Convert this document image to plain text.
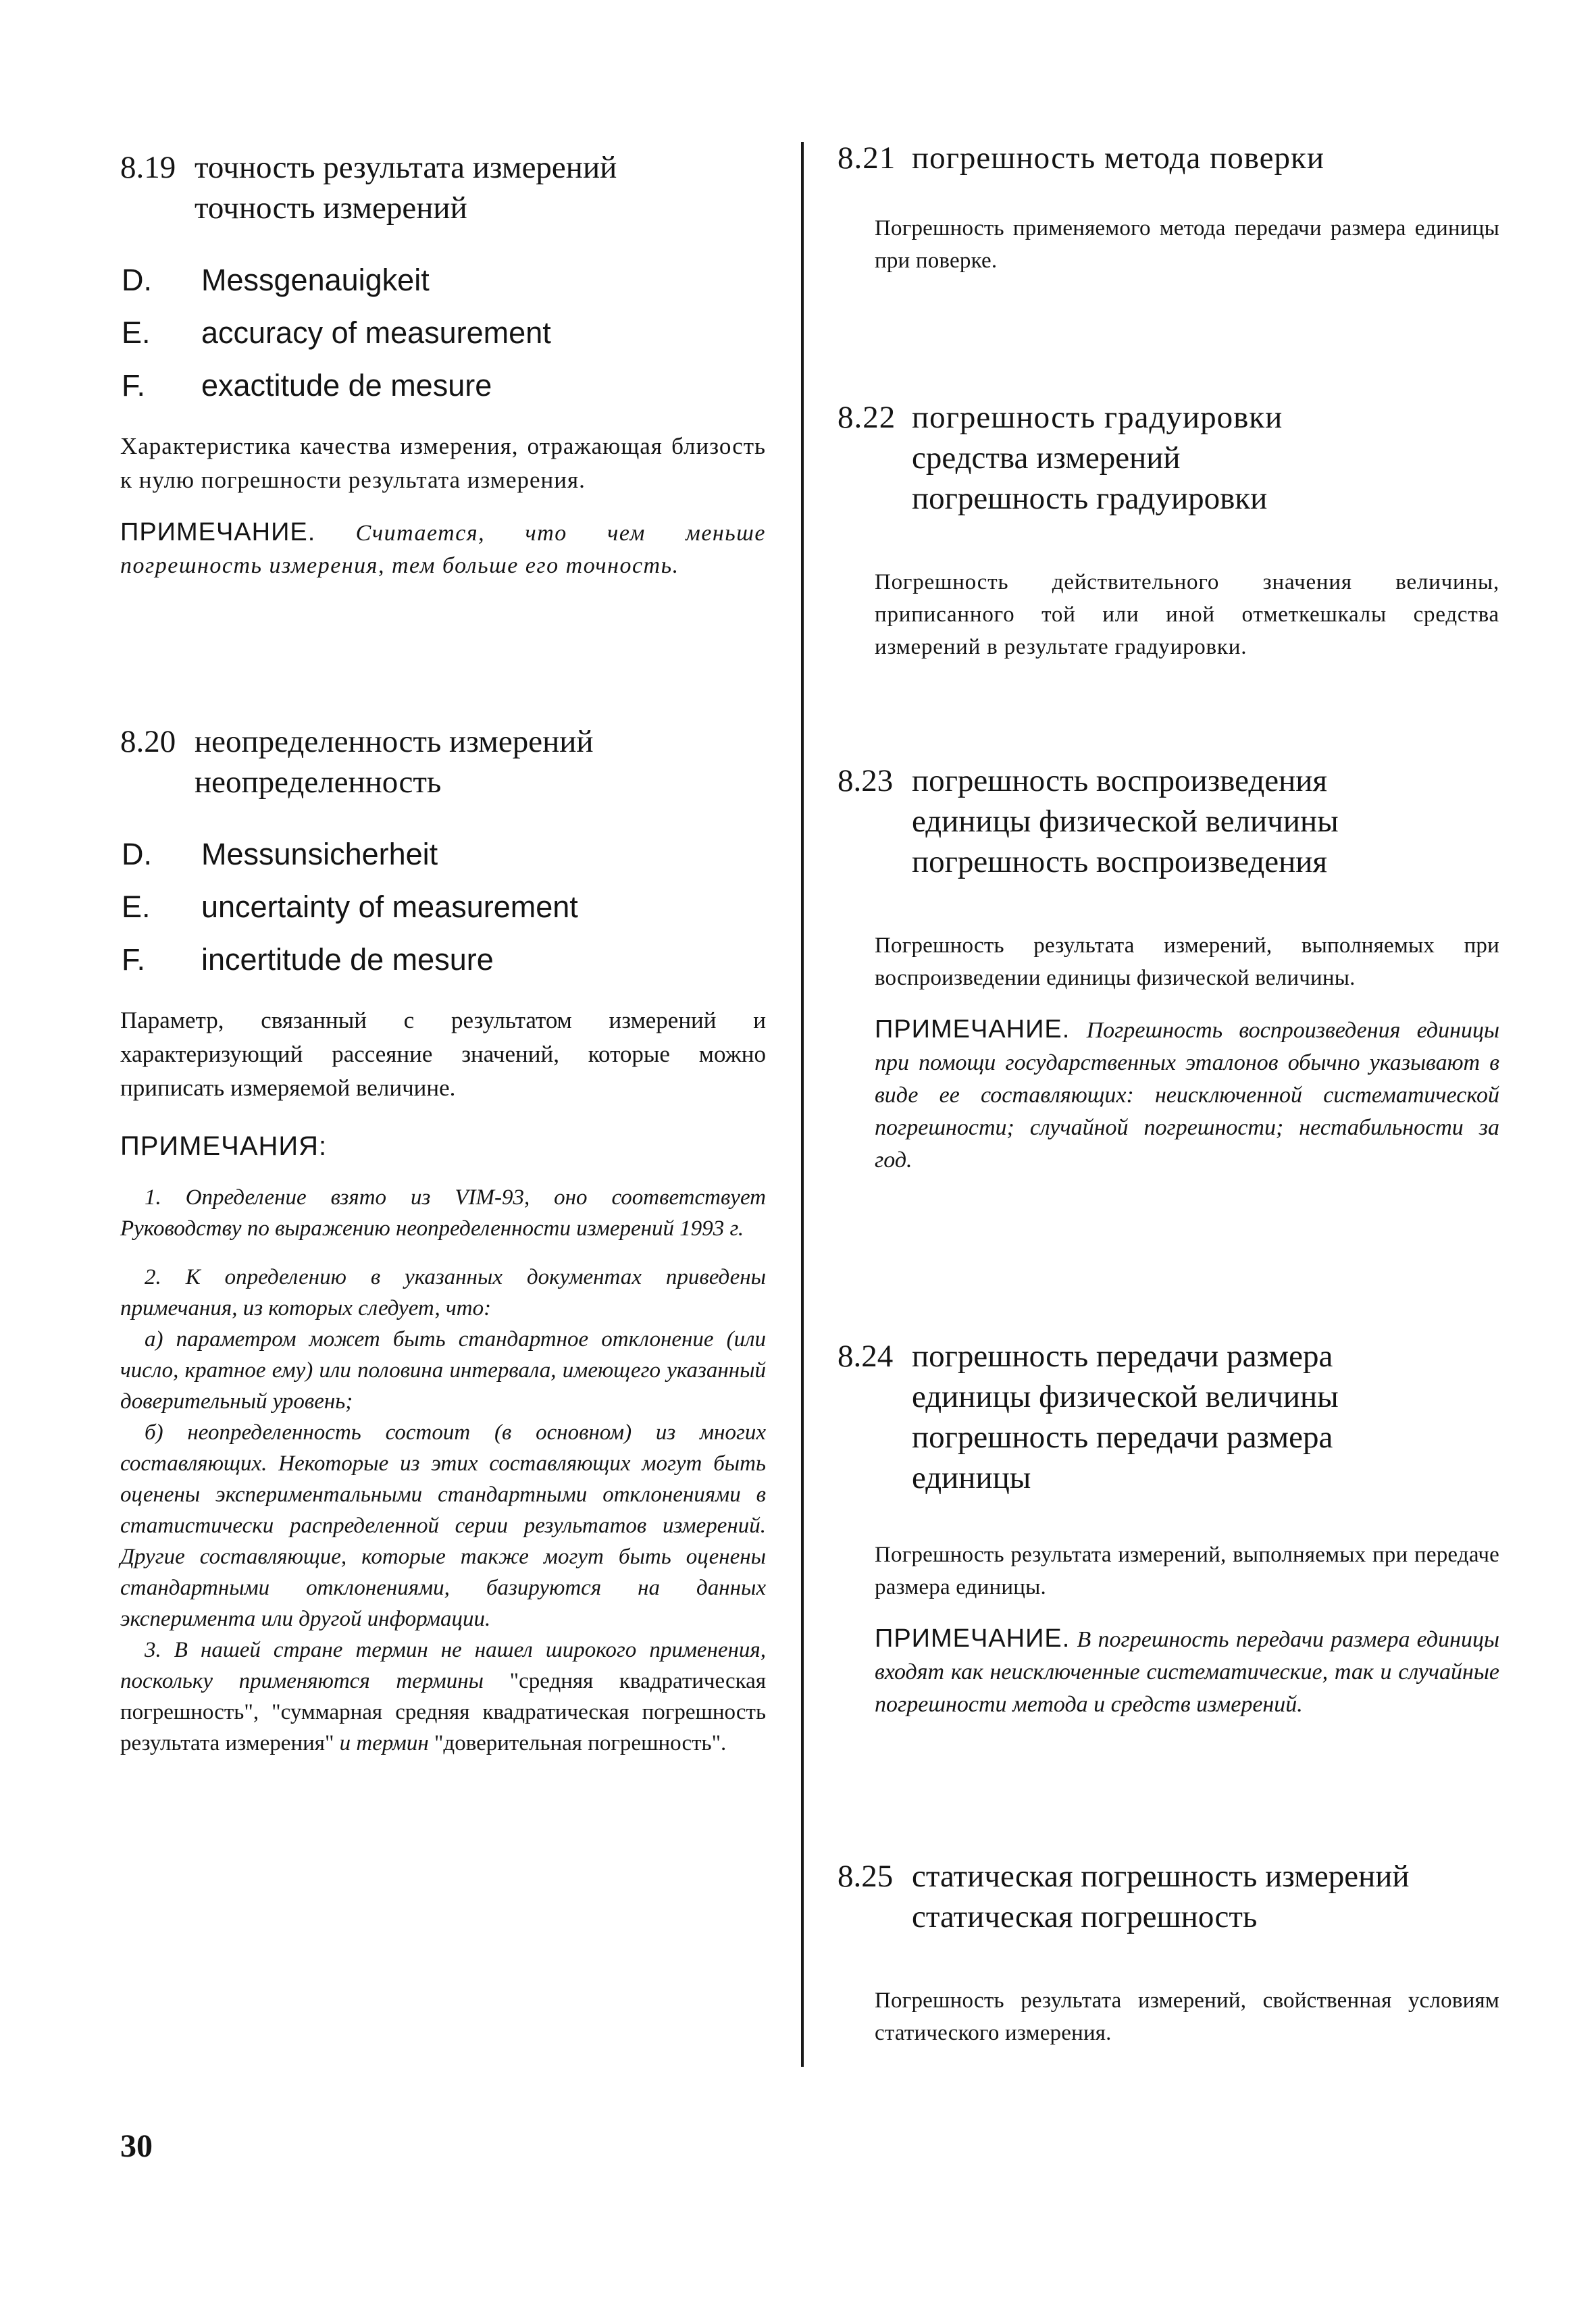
8.19 точность результата измерений
точность измерений
D. Messgenauigkeit
E. accuracy of measurement
F. exactitude de mesure
Характеристика качества измерения, отражающая близость к нулю погрешности результата измерения.
ПРИМЕЧАНИЕ. Считается, что чем меньше погрешность измерения, тем больше его точность.
8.20 неопределенность измерений
неопределенность
D. Messunsicherheit
E. uncertainty of measurement
F. incertitude de mesure
Параметр, связанный с результатом измерений и характеризующий рассеяние значений, которые можно приписать измеряемой величине.
ПРИМЕЧАНИЯ:
1. Определение взято из VIM-93, оно соответствует Руководству по выражению неопределенности измерений 1993 г.
2. К определению в указанных документах приведены примечания, из которых следует, что:
а) параметром может быть стандартное отклонение (или число, кратное ему) или половина интервала, имеющего указанный доверительный уровень;
б) неопределенность состоит (в основном) из многих составляющих. Некоторые из этих составляющих могут быть оценены экспериментальными стандартными отклонениями в статистически распределенной серии результатов измерений. Другие составляющие, которые также могут быть оценены стандартными отклонениями, базируются на данных эксперимента или другой информации.
3. В нашей стране термин не нашел широкого применения, поскольку применяются термины "средняя квадратическая погрешность", "суммарная средняя квадратическая погрешность результата измерения" и термин "доверительная погрешность".
8.21 погрешность метода поверки
Погрешность применяемого метода передачи размера единицы при поверке.
8.22 погрешность градуировки
средства измерений
погрешность градуировки
Погрешность действительного значения величины, приписанного той или иной отметкешкалы средства измерений в результате градуировки.
8.23 погрешность воспроизведения
единицы физической величины
погрешность воспроизведения
Погрешность результата измерений, выполняемых при воспроизведении единицы физической величины.
ПРИМЕЧАНИЕ. Погрешность воспроизведения единицы при помощи государственных эталонов обычно указывают в виде ее составляющих: неисключенной систематической погрешности; случайной погрешности; нестабильности за год.
8.24 погрешность передачи размера
единицы физической величины
погрешность передачи размера
единицы
Погрешность результата измерений, выполняемых при передаче размера единицы.
ПРИМЕЧАНИЕ. В погрешность передачи размера единицы входят как неисключенные систематические, так и случайные погрешности метода и средств измерений.
8.25 статическая погрешность измерений
статическая погрешность
Погрешность результата измерений, свойственная условиям статического измерения.
30
